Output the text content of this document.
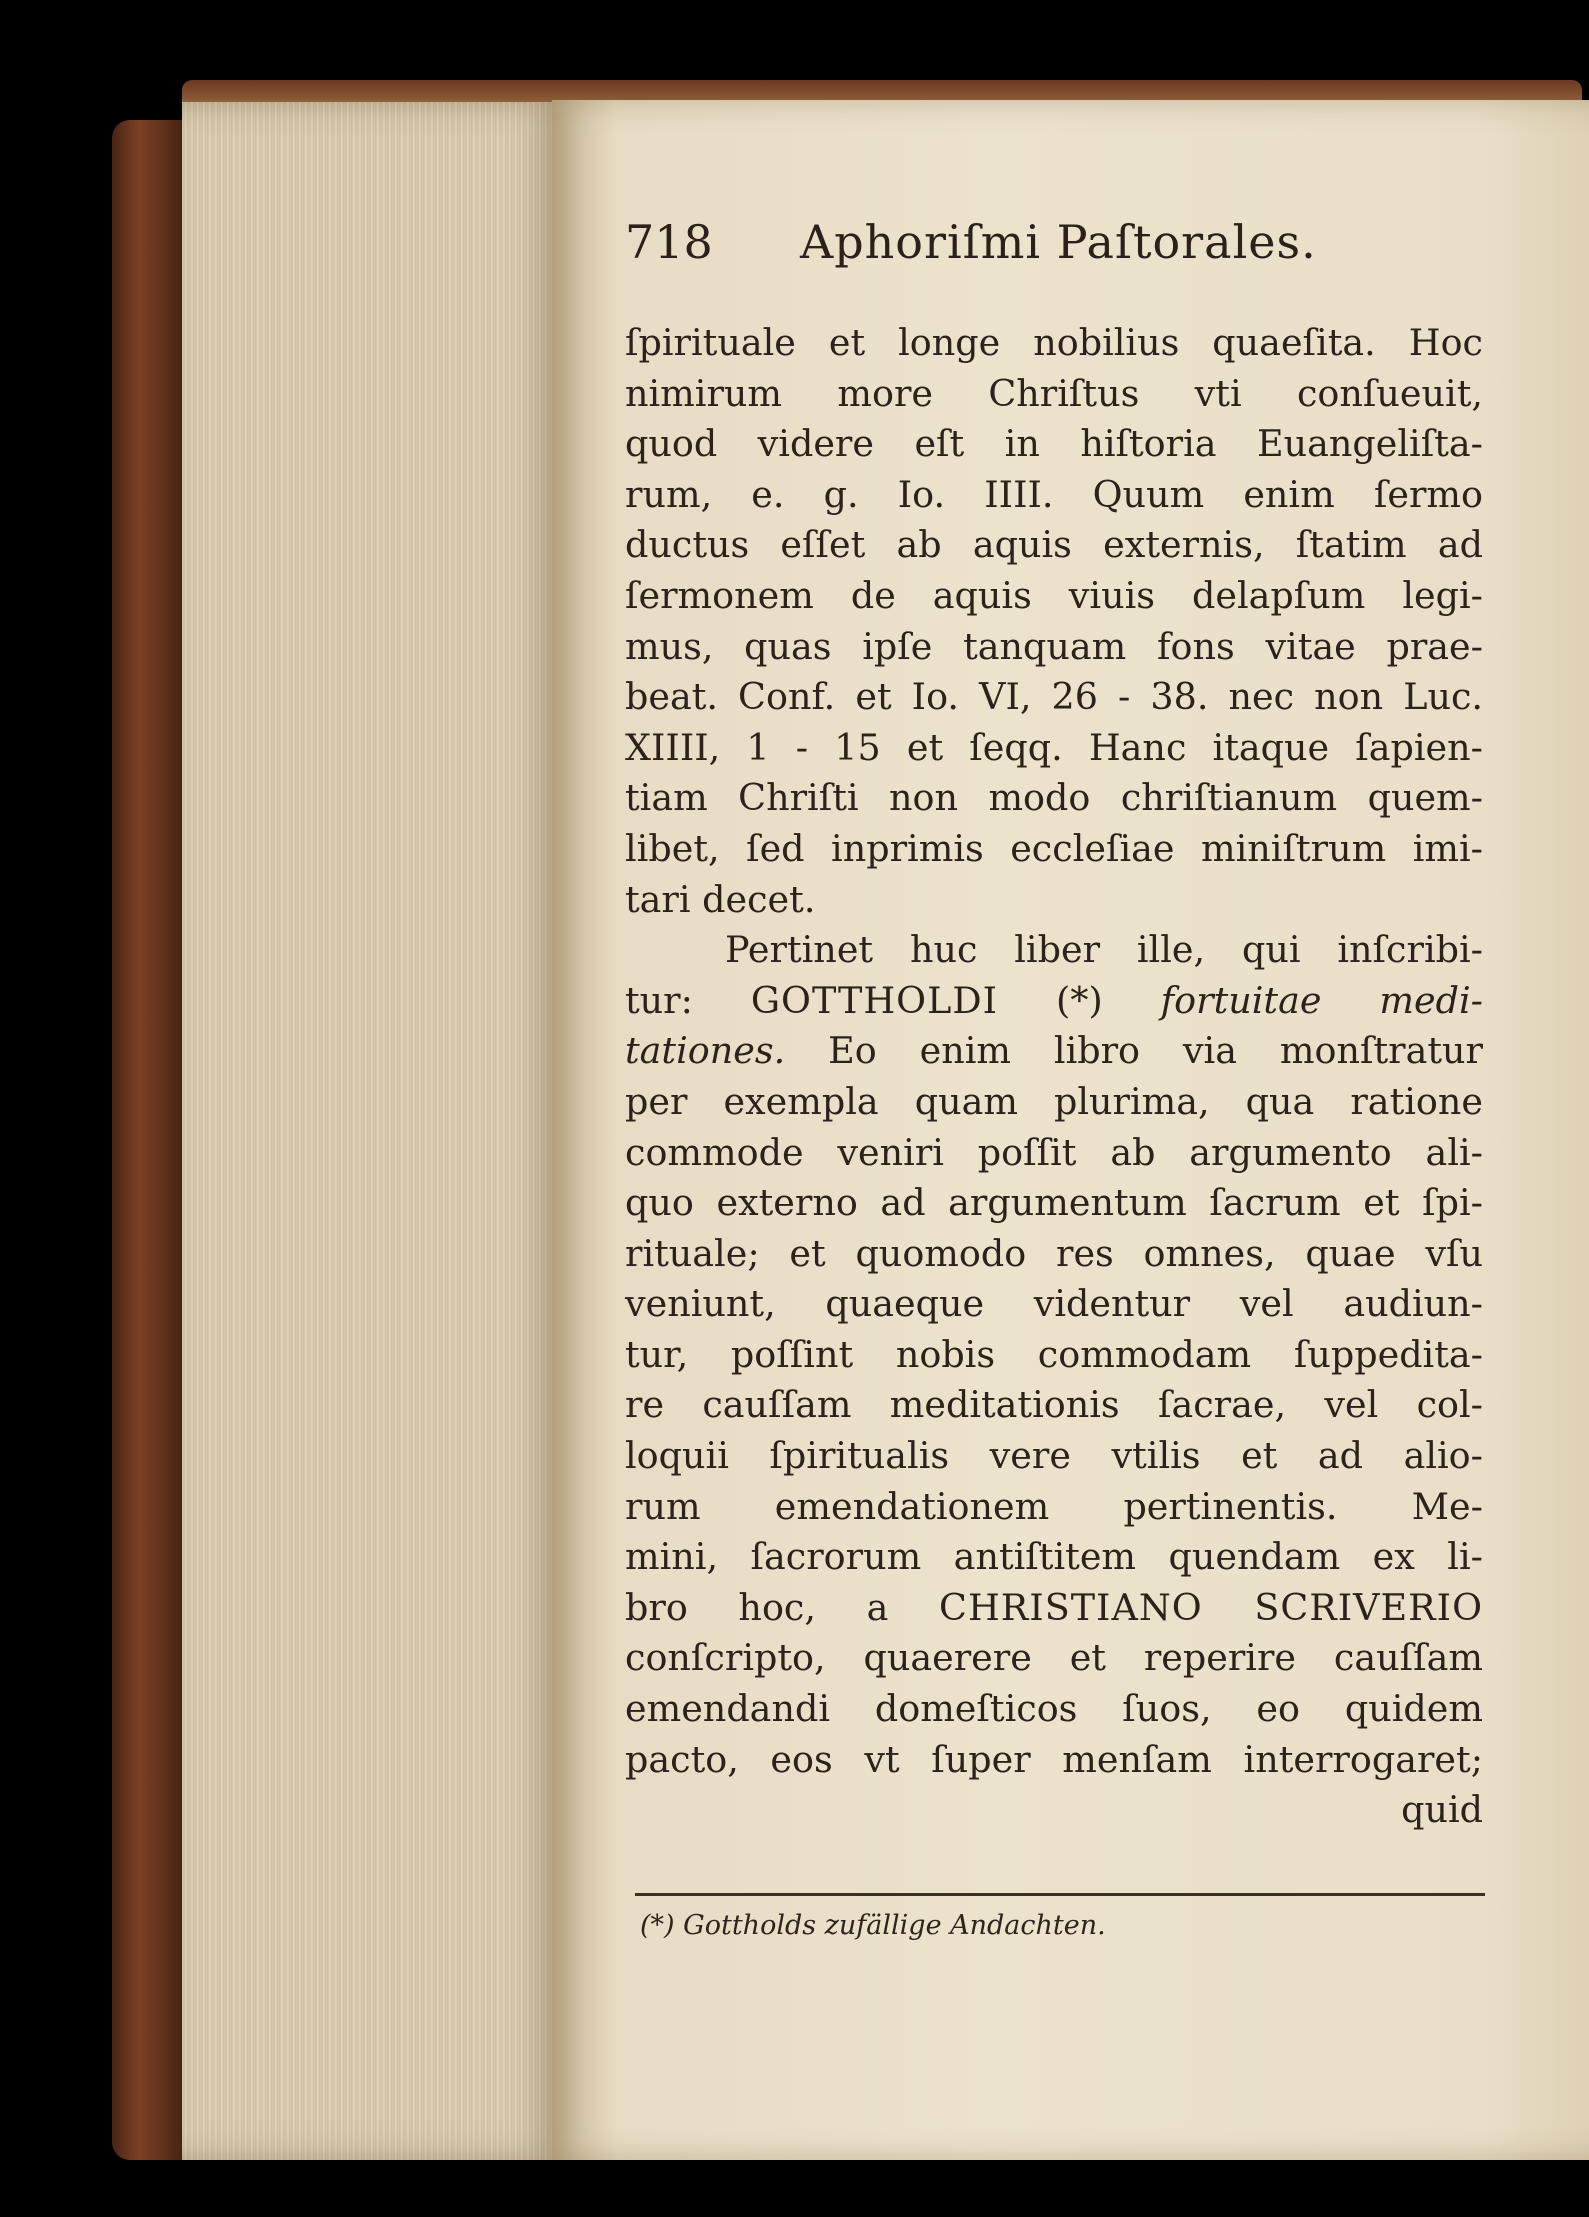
718 Aphoriſmi Paſtorales.
ſpirituale et longe nobilius quaeſita. Hoc
nimirum more Chriſtus vti conſueuit,
quod videre eſt in hiſtoria Euangeliſta-
rum, e. g. Io. IIII. Quum enim ſermo
ductus eſſet ab aquis externis, ſtatim ad
ſermonem de aquis viuis delapſum legi-
mus, quas ipſe tanquam fons vitae prae-
beat. Conf. et Io. VI, 26 - 38. nec non Luc.
XIIII, 1 - 15 et ſeqq. Hanc itaque ſapien-
tiam Chriſti non modo chriſtianum quem-
libet, ſed inprimis eccleſiae miniſtrum imi-
tari decet.
Pertinet huc liber ille, qui inſcribi-
tur: GOTTHOLDI (*) fortuitae medi-
tationes. Eo enim libro via monſtratur
per exempla quam plurima, qua ratione
commode veniri poſſit ab argumento ali-
quo externo ad argumentum ſacrum et ſpi-
rituale; et quomodo res omnes, quae vſu
veniunt, quaeque videntur vel audiun-
tur, poſſint nobis commodam ſuppedita-
re cauſſam meditationis ſacrae, vel col-
loquii ſpiritualis vere vtilis et ad alio-
rum emendationem pertinentis. Me-
mini, ſacrorum antiſtitem quendam ex li-
bro hoc, a CHRISTIANO SCRIVERIO
conſcripto, quaerere et reperire cauſſam
emendandi domeſticos ſuos, eo quidem
pacto, eos vt ſuper menſam interrogaret;
quid
(*) Gottholds zufällige Andachten.
